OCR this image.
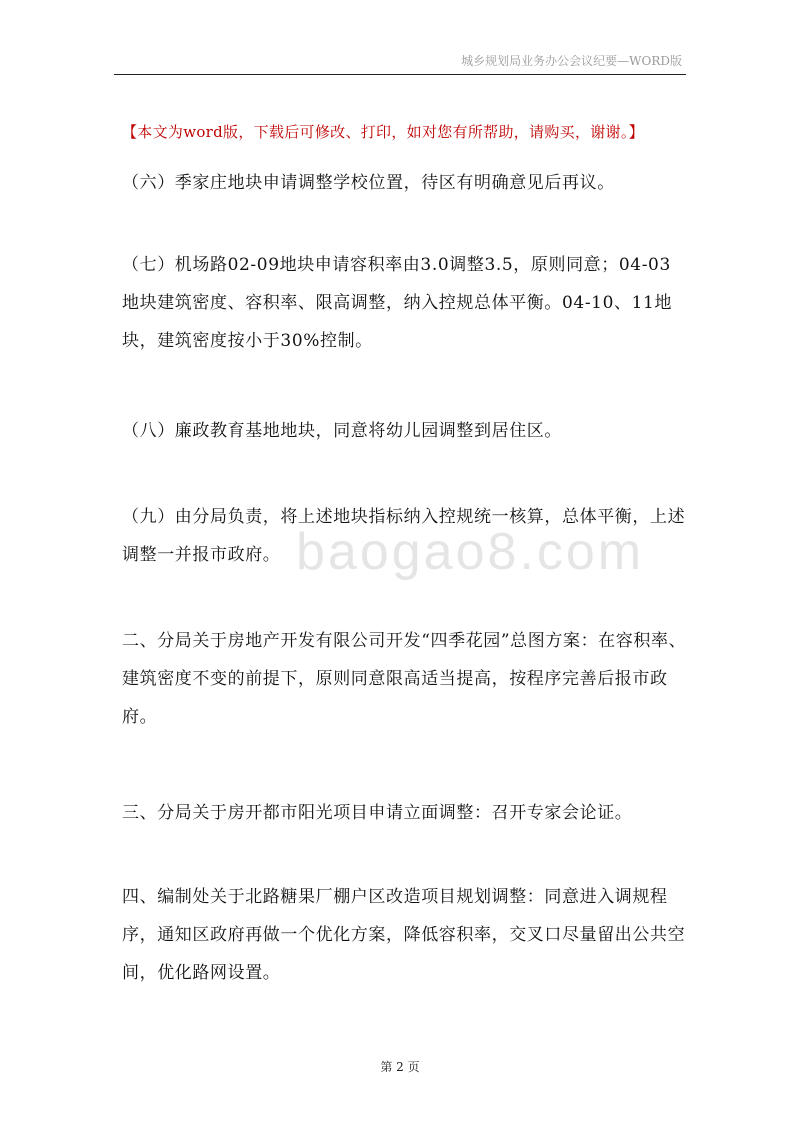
城乡规划局业务办公会议纪要—WORD版
【本文为word版，下载后可修改、打印，如对您有所帮助，请购买，谢谢。】

（六）季家庄地块申请调整学校位置，待区有明确意见后再议。

（七）机场路02-09地块申请容积率由3.0调整3.5，原则同意；04-03地块建筑密度、容积率、限高调整，纳入控规总体平衡。04-10、11地块，建筑密度按小于30%控制。

（八）廉政教育基地地块，同意将幼儿园调整到居住区。

（九）由分局负责，将上述地块指标纳入控规统一核算，总体平衡，上述调整一并报市政府。

二、分局关于房地产开发有限公司开发“四季花园”总图方案：在容积率、建筑密度不变的前提下，原则同意限高适当提高，按程序完善后报市政府。

三、分局关于房开都市阳光项目申请立面调整：召开专家会论证。

四、编制处关于北路糖果厂棚户区改造项目规划调整：同意进入调规程序，通知区政府再做一个优化方案，降低容积率，交叉口尽量留出公共空间，优化路网设置。

baogao8.com
第 2 页
